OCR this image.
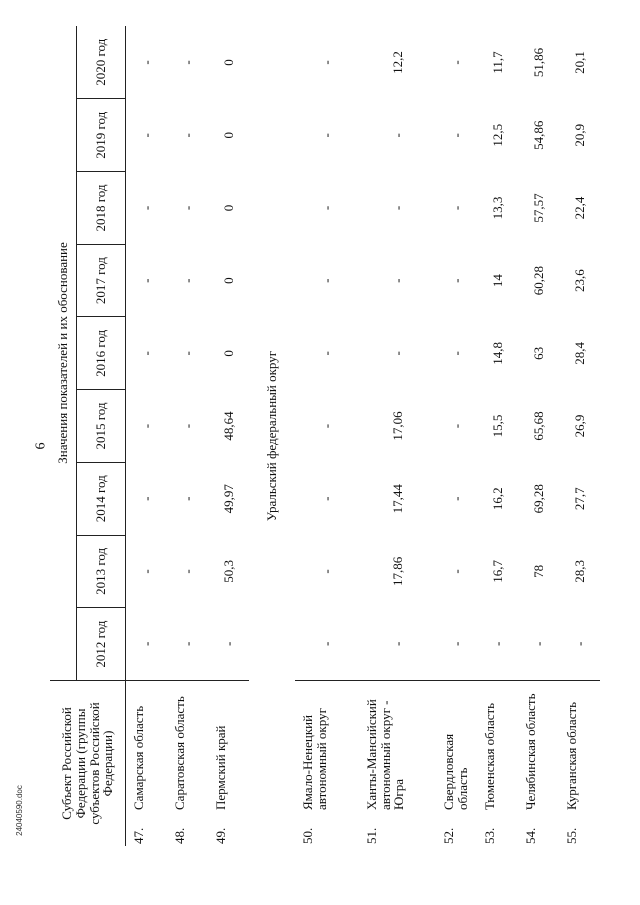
6
Субъект Российской Федерации (группы субъектов Российской Федерации)	Значения показателей и их обоснование								
	2012 год	2013 год	2014 год	2015 год	2016 год	2017 год	2018 год	2019 год	2020 год
47.Самарская область	-	-	-	-	-	-	-	-	-
48.Саратовская область	-	-	-	-	-	-	-	-	-
49.Пермский край	-	50,3	49,97	48,64	0	0	0	0	0
Уральский федеральный округ									
50.Ямало-Ненецкий автономный округ	-	-	-	-	-	-	-	-	-
51.Ханты-Мансийский автономный округ - Югра	-	17,86	17,44	17,06	-	-	-	-	12,2
52.Свердловская область	-	-	-	-	-	-	-	-	-
53.Тюменская область	-	16,7	16,2	15,5	14,8	14	13,3	12,5	11,7
54.Челябинская область	-	78	69,28	65,68	63	60,28	57,57	54,86	51,86
55.Курганская область	-	28,3	27,7	26,9	28,4	23,6	22,4	20,9	20,1
24040590.doc
